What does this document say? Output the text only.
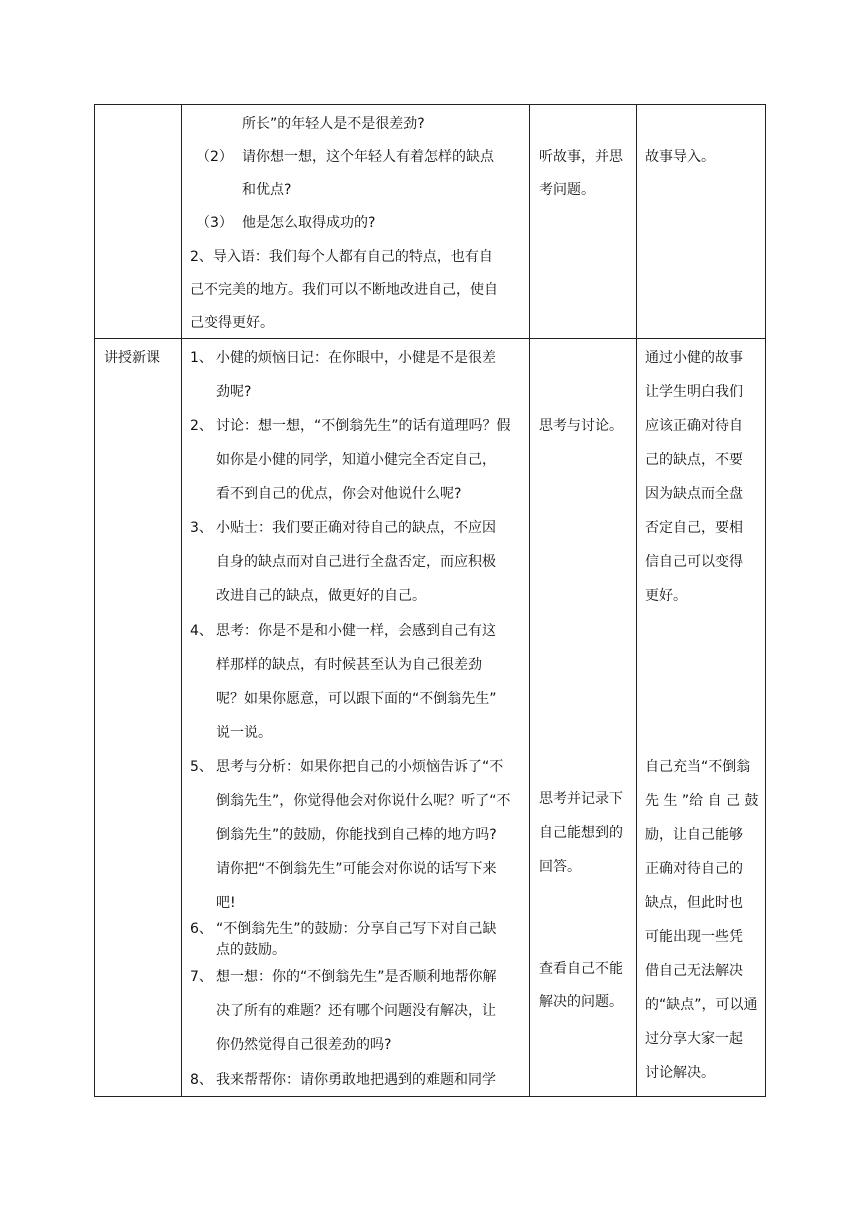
所长”的年轻人是不是很差劲?
（2） 请你想一想，这个年轻人有着怎样的缺点
和优点?
（3） 他是怎么取得成功的?
2、导入语：我们每个人都有自己的特点，也有自
己不完美的地方。我们可以不断地改进自己，使自
己变得更好。
听故事，并思
考问题。
故事导入。
讲授新课 1、 小健的烦恼日记：在你眼中，小健是不是很差
劲呢?
2、 讨论：想一想，“不倒翁先生”的话有道理吗？假
如你是小健的同学，知道小健完全否定自己，
看不到自己的优点，你会对他说什么呢?
3、 小贴士：我们要正确对待自己的缺点，不应因
自身的缺点而对自己进行全盘否定，而应积极
改进自己的缺点，做更好的自己。
4、 思考：你是不是和小健一样，会感到自己有这
样那样的缺点，有时候甚至认为自己很差劲
呢？如果你愿意，可以跟下面的“不倒翁先生”
说一说。
5、 思考与分析：如果你把自己的小烦恼告诉了“不
倒翁先生”，你觉得他会对你说什么呢？听了“不
倒翁先生”的鼓励，你能找到自己棒的地方吗?
请你把“不倒翁先生”可能会对你说的话写下来
吧!
6、 “不倒翁先生”的鼓励：分享自己写下对自己缺
点的鼓励。
7、 想一想：你的“不倒翁先生”是否顺利地帮你解
决了所有的难题？还有哪个问题没有解决，让
你仍然觉得自己很差劲的吗?
8、 我来帮帮你：请你勇敢地把遇到的难题和同学
思考与讨论。
思考并记录下
自己能想到的
回答。
查看自己不能
解决的问题。
通过小健的故事
让学生明白我们
应该正确对待自
己的缺点，不要
因为缺点而全盘
否定自己，要相
信自己可以变得
更好。
自己充当“不倒翁
先 生 ”给 自 己 鼓
励，让自己能够
正确对待自己的
缺点，但此时也
可能出现一些凭
借自己无法解决
的“缺点”，可以通
过分享大家一起
讨论解决。
